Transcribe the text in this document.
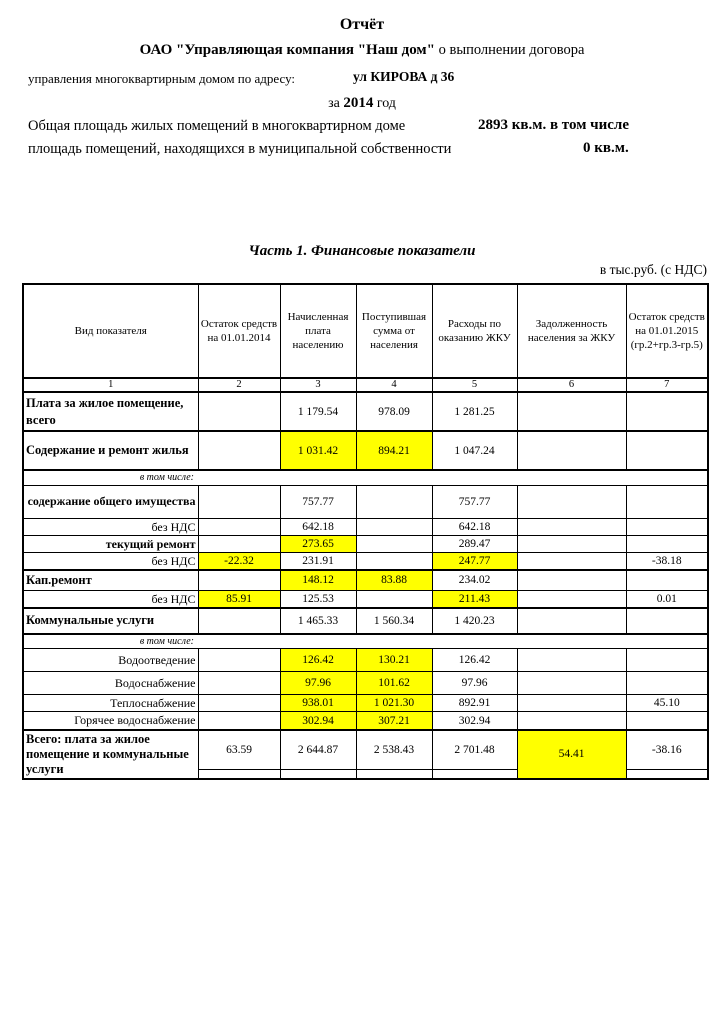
Отчёт
ОАО "Управляющая компания "Наш дом" о выполнении договора
управления многоквартирным домом по адресу:	ул КИРОВА д 36
за 2014 год
Общая площадь жилых помещений в многоквартирном доме	2893 кв.м. в том числе
площадь помещений, находящихся в муниципальной собственности	0 кв.м.
Часть 1. Финансовые показатели
в тыс.руб. (с НДС)
Вид показателя	Остаток средств на 01.01.2014	Начисленная плата населению	Поступившая сумма от населения	Расходы по оказанию ЖКУ	Задолженность населения за ЖКУ	Остаток средств на 01.01.2015 (гр.2+гр.3-гр.5)
1	2	3	4	5	6	7
Плата за жилое помещение, всего		1 179.54	978.09	1 281.25		
Содержание и ремонт жилья		1 031.42	894.21	1 047.24		
в том числе:						
содержание общего имущества		757.77		757.77		
без НДС		642.18		642.18		
текущий ремонт		273.65		289.47		
без НДС	-22.32	231.91		247.77		-38.18
Кап.ремонт		148.12	83.88	234.02		
без НДС	85.91	125.53		211.43		0.01
Коммунальные услуги		1 465.33	1 560.34	1 420.23		
в том числе:						
Водоотведение		126.42	130.21	126.42		
Водоснабжение		97.96	101.62	97.96		
Теплоснабжение		938.01	1 021.30	892.91		45.10
Горячее водоснабжение		302.94	307.21	302.94		
Всего: плата за жилое помещение и коммунальные услуги	63.59	2 644.87	2 538.43	2 701.48	54.41	-38.16
